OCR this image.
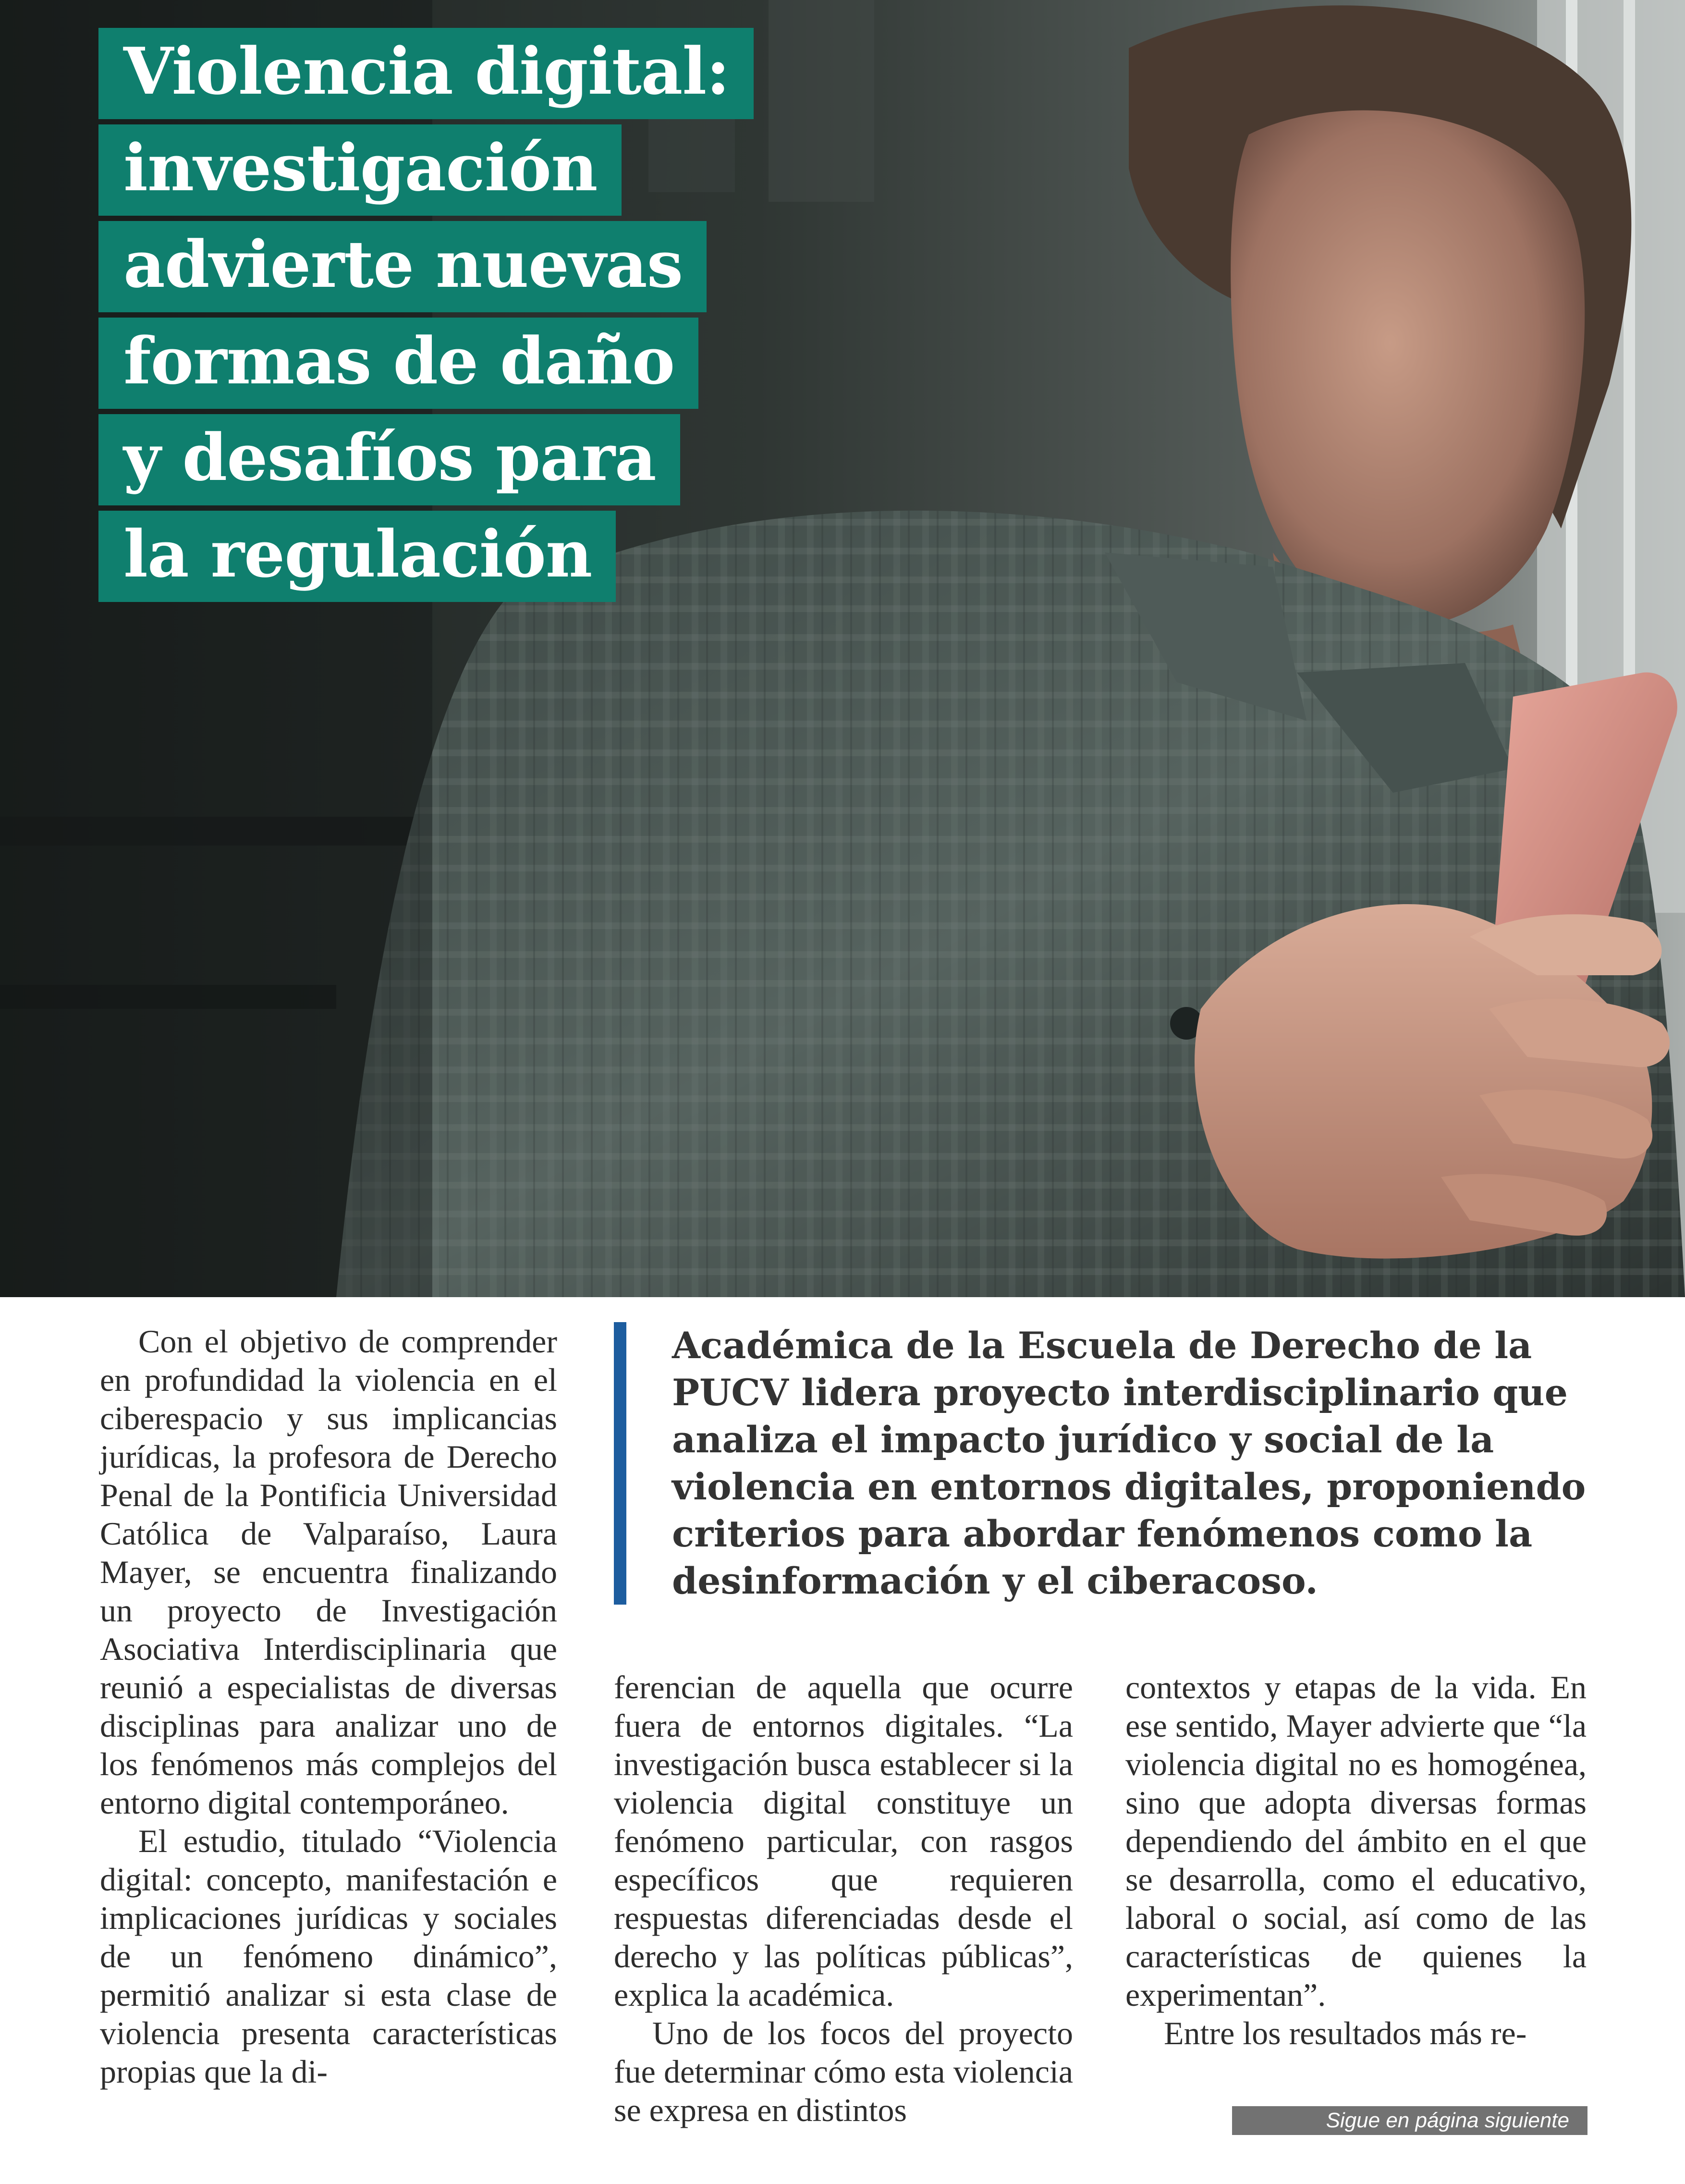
Violencia digital:
investigación
advierte nuevas
formas de daño
y desafíos para
la regulación
Académica de la Escuela de Derecho de la PUCV lidera proyecto interdisciplinario que analiza el impacto jurídico y social de la violencia en entornos digitales, proponiendo criterios para abordar fenómenos como la desinformación y el ciberacoso.

Con el objetivo de comprender en profundidad la violencia en el ciberespacio y sus implicancias jurídicas, la profesora de Derecho Penal de la Pontificia Universidad Católica de Valparaíso, Laura Mayer, se encuentra finalizando un proyecto de Investigación Asociativa Interdisciplinaria que reunió a especialistas de diversas disciplinas para analizar uno de los fenómenos más complejos del entorno digital contemporáneo.

El estudio, titulado “Violencia digital: concepto, manifestación e implicaciones jurídicas y sociales de un fenómeno dinámico”, permitió analizar si esta clase de violencia presenta características propias que la di-

ferencian de aquella que ocurre fuera de entornos digitales. “La investigación busca establecer si la violencia digital constituye un fenómeno particular, con rasgos específicos que requieren respuestas diferenciadas desde el derecho y las políticas públicas”, explica la académica.

Uno de los focos del proyecto fue determinar cómo esta violencia se expresa en distintos

contextos y etapas de la vida. En ese sentido, Mayer advierte que “la violencia digital no es homogénea, sino que adopta diversas formas dependiendo del ámbito en el que se desarrolla, como el educativo, laboral o social, así como de las características de quienes la experimentan”.

Entre los resultados más re-

Sigue en página siguiente
